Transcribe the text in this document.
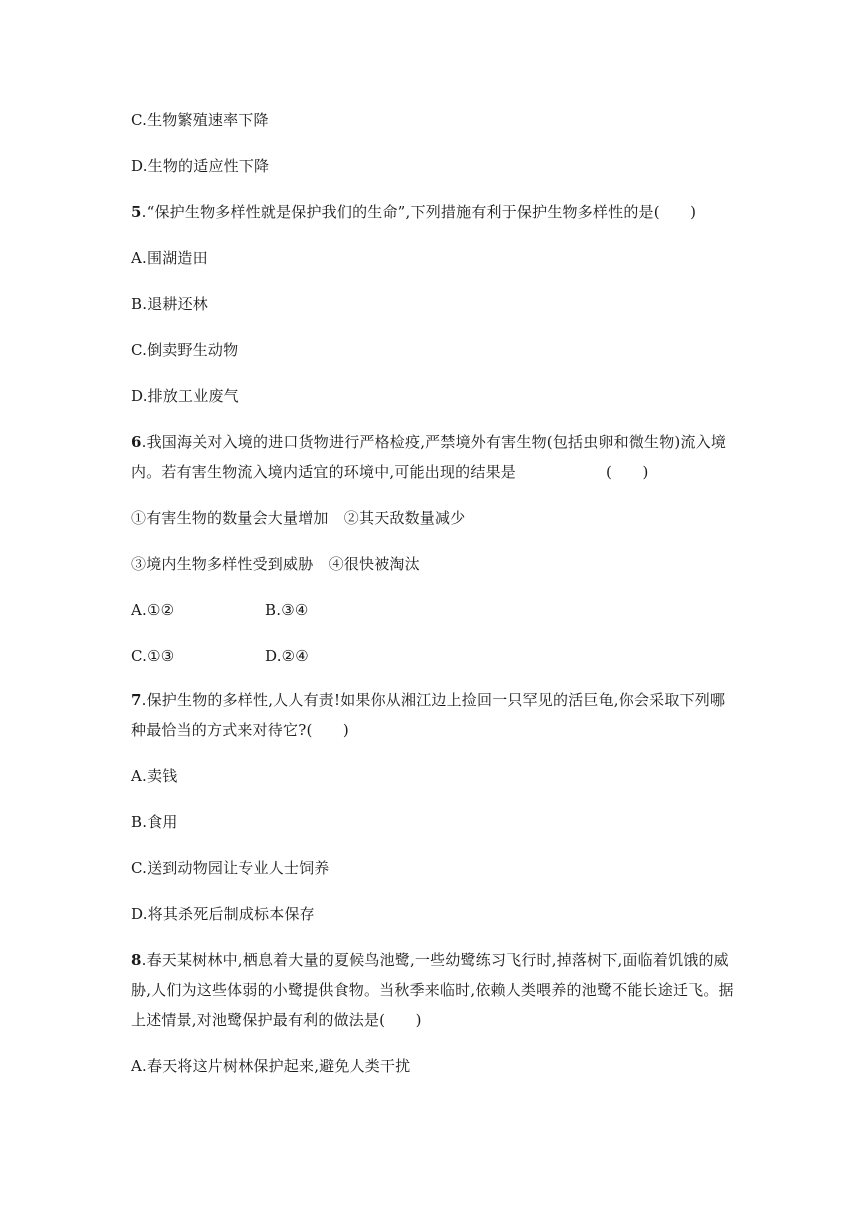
C.生物繁殖速率下降
D.生物的适应性下降
5.“保护生物多样性就是保护我们的生命”,下列措施有利于保护生物多样性的是(　　)
A.围湖造田
B.退耕还林
C.倒卖野生动物
D.排放工业废气
6.我国海关对入境的进口货物进行严格检疫,严禁境外有害生物(包括虫卵和微生物)流入境
内。若有害生物流入境内适宜的环境中,可能出现的结果是	(　　)
①有害生物的数量会大量增加　②其天敌数量减少
③境内生物多样性受到威胁　④很快被淘汰
A.①②	B.③④
C.①③	D.②④
7.保护生物的多样性,人人有责!如果你从湘江边上捡回一只罕见的活巨龟,你会采取下列哪
种最恰当的方式来对待它?(　　)
A.卖钱
B.食用
C.送到动物园让专业人士饲养
D.将其杀死后制成标本保存
8.春天某树林中,栖息着大量的夏候鸟池鹭,一些幼鹭练习飞行时,掉落树下,面临着饥饿的威
胁,人们为这些体弱的小鹭提供食物。当秋季来临时,依赖人类喂养的池鹭不能长途迁飞。据
上述情景,对池鹭保护最有利的做法是(　　)
A.春天将这片树林保护起来,避免人类干扰
